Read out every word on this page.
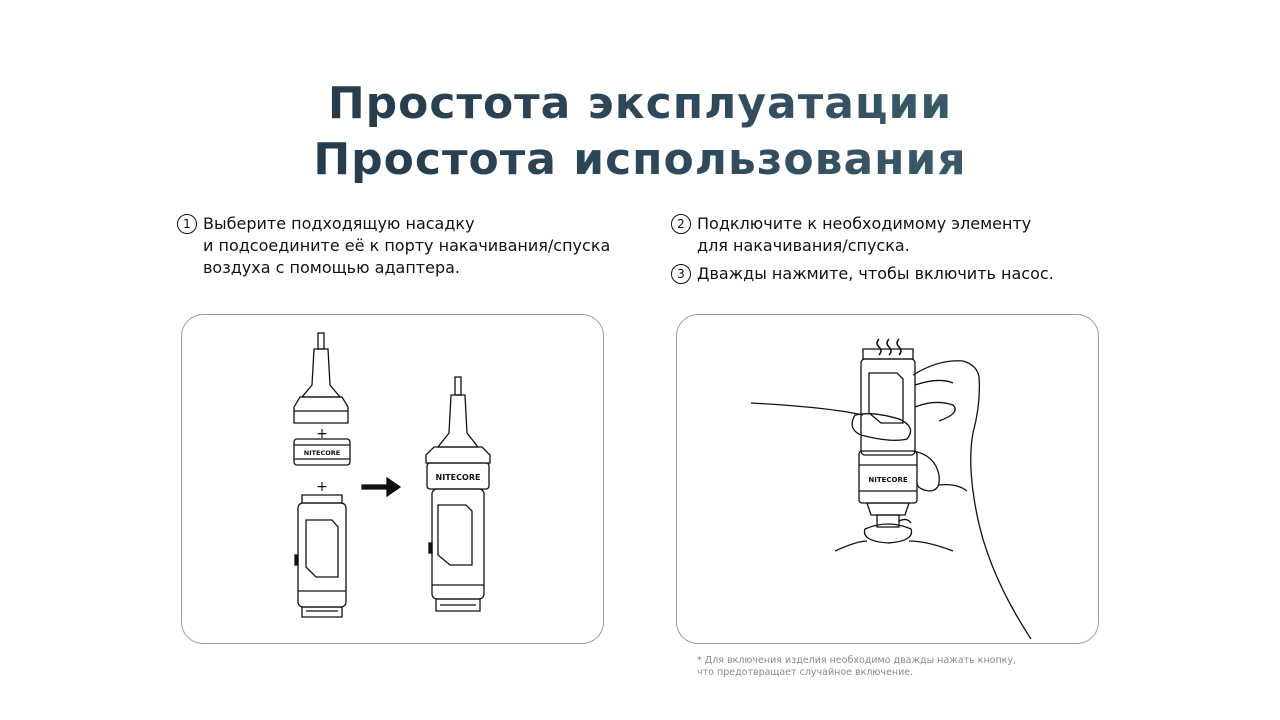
Простота эксплуатации
Простота использования
1 Выберите подходящую насадку
и подсоедините её к порту накачивания/спуска
воздуха с помощью адаптера.
2 Подключите к необходимому элементу
для накачивания/спуска.
3 Дважды нажмите, чтобы включить насос.
+
NITECORE
+
NITECORE	NITECORE
* Для включения изделия необходимо дважды нажать кнопку,
что предотвращает случайное включение.
